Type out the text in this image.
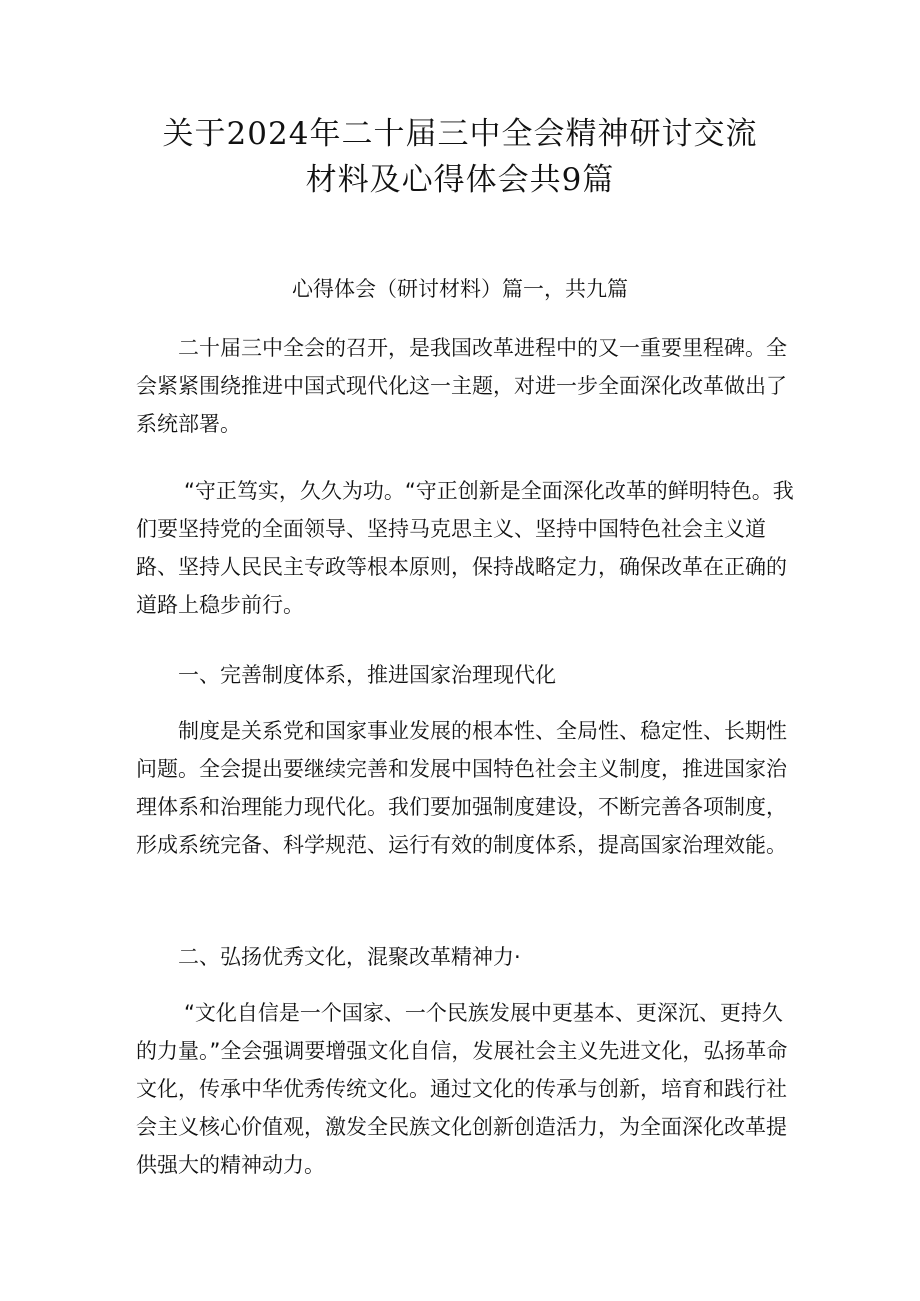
关于2024年二十届三中全会精神研讨交流
材料及心得体会共9篇
心得体会（研讨材料）篇一，共九篇

二十届三中全会的召开，是我国改革进程中的又一重要里程碑。全会紧紧围绕推进中国式现代化这一主题，对进一步全面深化改革做出了系统部署。

“守正笃实，久久为功。“守正创新是全面深化改革的鲜明特色。我们要坚持党的全面领导、坚持马克思主义、坚持中国特色社会主义道路、坚持人民民主专政等根本原则，保持战略定力，确保改革在正确的道路上稳步前行。

一、完善制度体系，推进国家治理现代化

制度是关系党和国家事业发展的根本性、全局性、稳定性、长期性问题。全会提出要继续完善和发展中国特色社会主义制度，推进国家治理体系和治理能力现代化。我们要加强制度建设，不断完善各项制度，形成系统完备、科学规范、运行有效的制度体系，提高国家治理效能。

二、弘扬优秀文化，混聚改革精神力·

“文化自信是一个国家、一个民族发展中更基本、更深沉、更持久的力量。”全会强调要增强文化自信，发展社会主义先进文化，弘扬革命文化，传承中华优秀传统文化。通过文化的传承与创新，培育和践行社会主义核心价值观，激发全民族文化创新创造活力，为全面深化改革提供强大的精神动力。
